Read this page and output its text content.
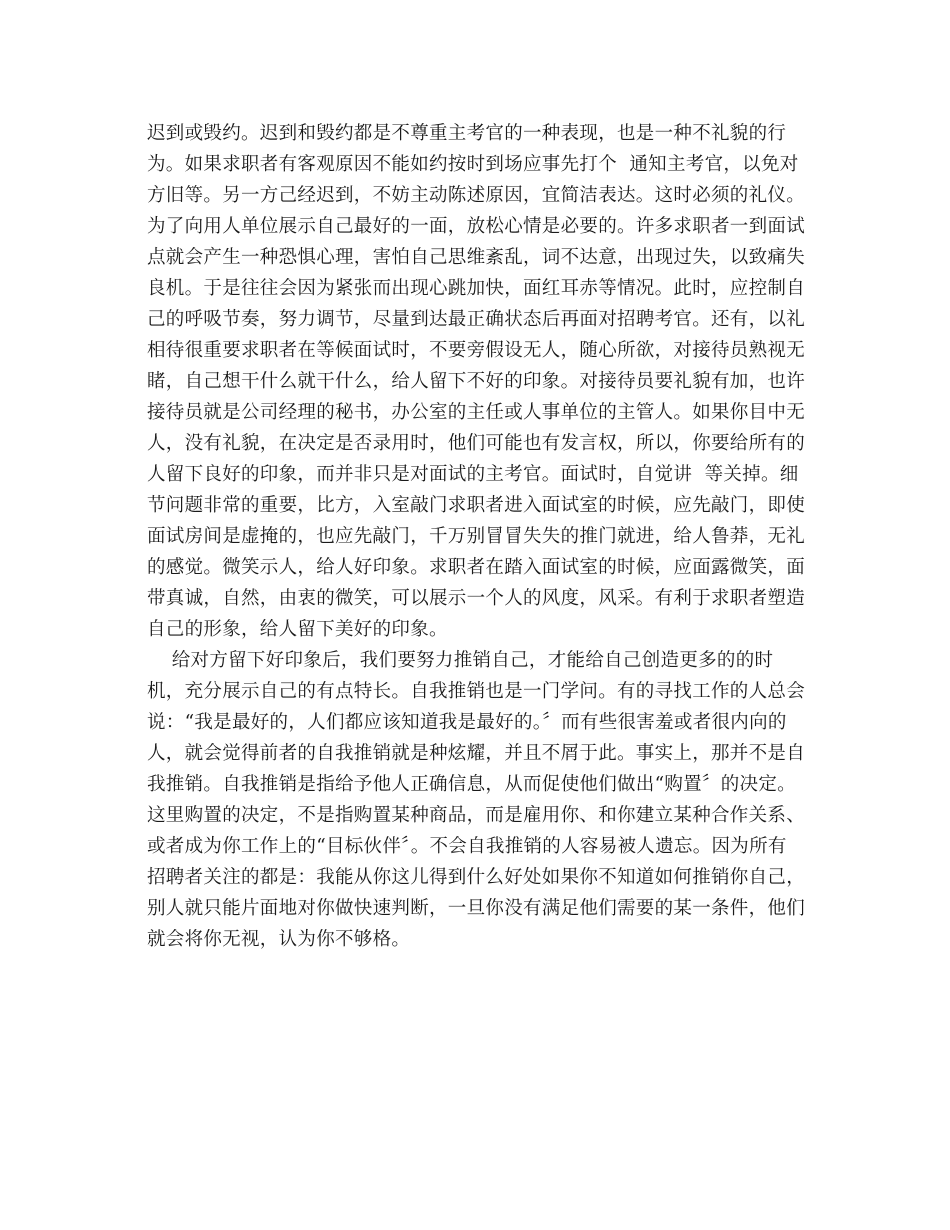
迟到或毁约。迟到和毁约都是不尊重主考官的一种表现，也是一种不礼貌的行
为。如果求职者有客观原因不能如约按时到场应事先打个  通知主考官，以免对
方旧等。另一方己经迟到，不妨主动陈述原因，宜简洁表达。这时必须的礼仪。
为了向用人单位展示自己最好的一面，放松心情是必要的。许多求职者一到面试
点就会产生一种恐惧心理，害怕自己思维紊乱，词不达意，出现过失，以致痛失
良机。于是往往会因为紧张而出现心跳加快，面红耳赤等情况。此时，应控制自
己的呼吸节奏，努力调节，尽量到达最正确状态后再面对招聘考官。还有，以礼
相待很重要求职者在等候面试时，不要旁假设无人，随心所欲，对接待员熟视无
睹，自己想干什么就干什么，给人留下不好的印象。对接待员要礼貌有加，也许
接待员就是公司经理的秘书，办公室的主任或人事单位的主管人。如果你目中无
人，没有礼貌，在决定是否录用时，他们可能也有发言权，所以，你要给所有的
人留下良好的印象，而并非只是对面试的主考官。面试时，自觉讲  等关掉。细
节问题非常的重要，比方，入室敲门求职者进入面试室的时候，应先敲门，即使
面试房间是虚掩的，也应先敲门，千万别冒冒失失的推门就进，给人鲁莽，无礼
的感觉。微笑示人，给人好印象。求职者在踏入面试室的时候，应面露微笑，面
带真诚，自然，由衷的微笑，可以展示一个人的风度，风采。有利于求职者塑造
自己的形象，给人留下美好的印象。
给对方留下好印象后，我们要努力推销自己，才能给自己创造更多的的时
机，充分展示自己的有点特长。自我推销也是一门学问。有的寻找工作的人总会
说：“我是最好的，人们都应该知道我是最好的。〞而有些很害羞或者很内向的
人，就会觉得前者的自我推销就是种炫耀，并且不屑于此。事实上，那并不是自
我推销。自我推销是指给予他人正确信息，从而促使他们做出“购置〞的决定。
这里购置的决定，不是指购置某种商品，而是雇用你、和你建立某种合作关系、
或者成为你工作上的“目标伙伴〞。不会自我推销的人容易被人遗忘。因为所有
招聘者关注的都是：我能从你这儿得到什么好处如果你不知道如何推销你自己，
别人就只能片面地对你做快速判断，一旦你没有满足他们需要的某一条件，他们
就会将你无视，认为你不够格。
